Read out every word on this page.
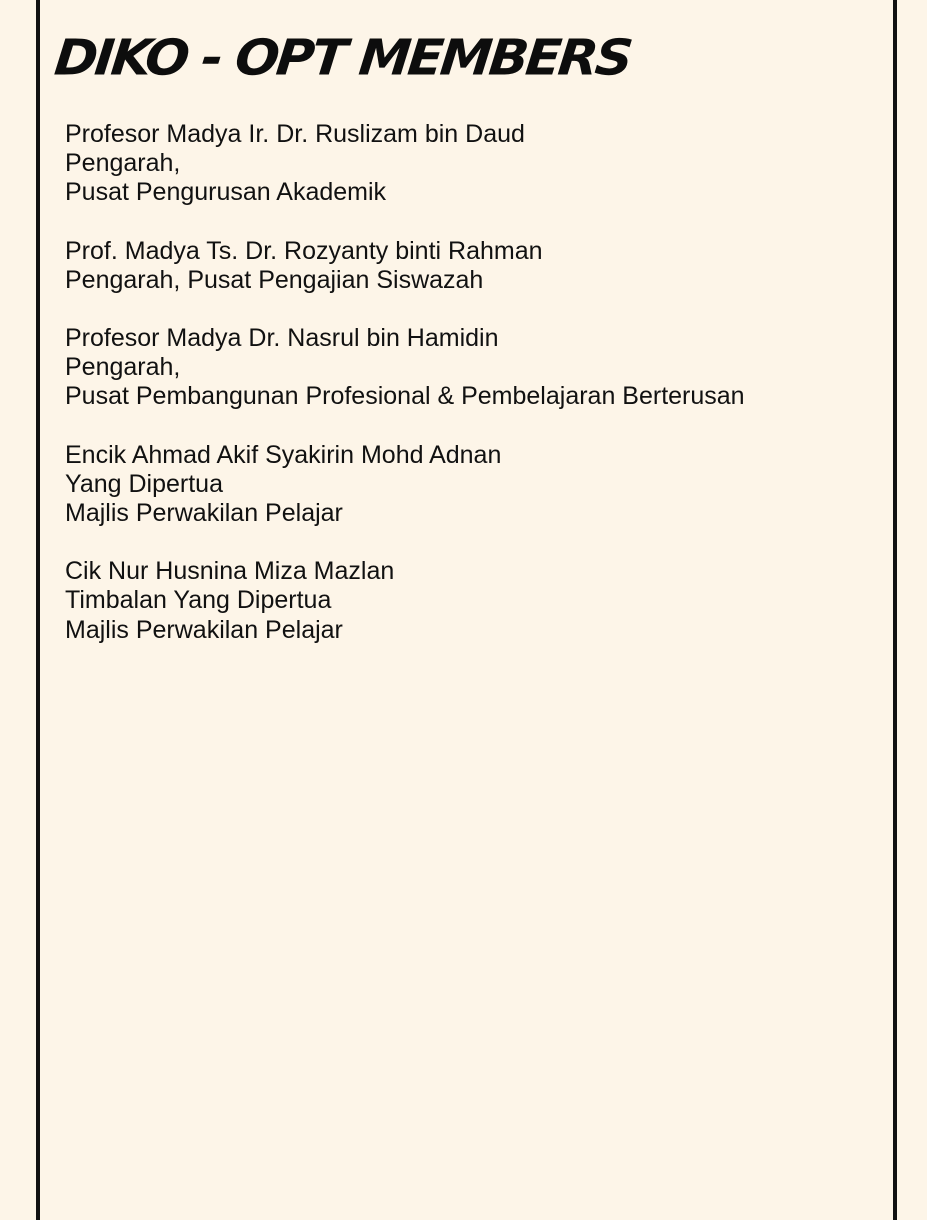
DIKO - OPT MEMBERS
Profesor Madya Ir. Dr. Ruslizam bin Daud
Pengarah,
Pusat Pengurusan Akademik
Prof. Madya Ts. Dr. Rozyanty binti Rahman
Pengarah, Pusat Pengajian Siswazah
Profesor Madya Dr. Nasrul bin Hamidin
Pengarah,
Pusat Pembangunan Profesional & Pembelajaran Berterusan
Encik Ahmad Akif Syakirin Mohd Adnan
Yang Dipertua
Majlis Perwakilan Pelajar
Cik Nur Husnina Miza Mazlan
Timbalan Yang Dipertua
Majlis Perwakilan Pelajar
